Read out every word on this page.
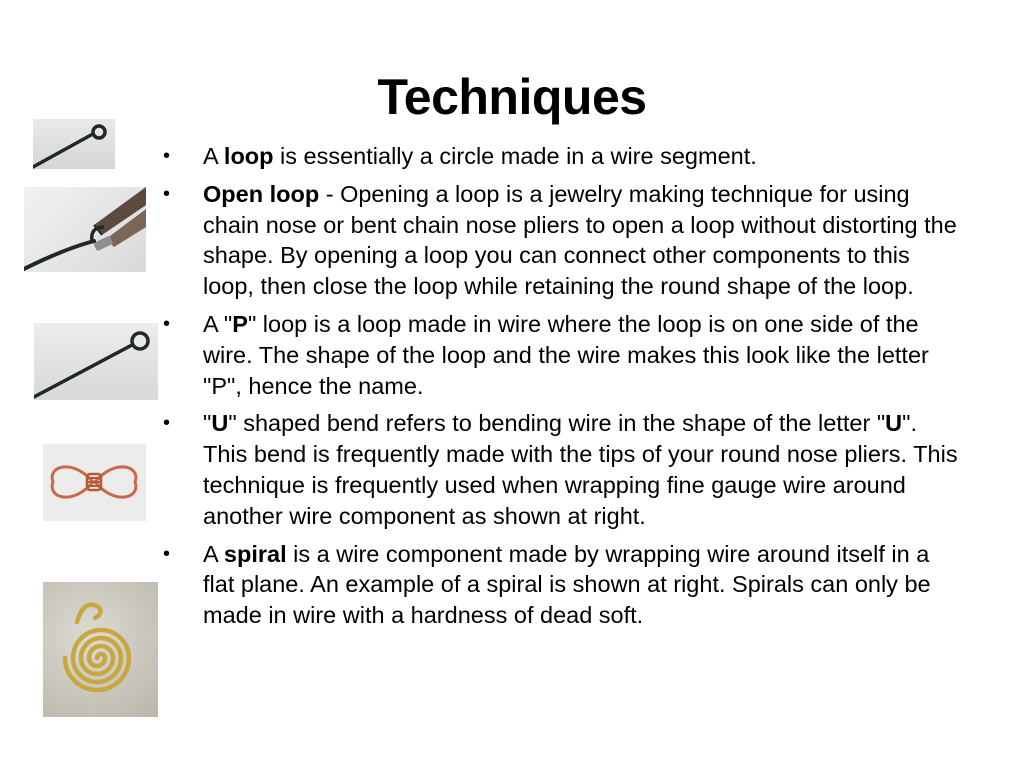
Techniques
• A loop is essentially a circle made in a wire segment.
• Open loop - Opening a loop is a jewelry making technique for using chain nose or bent chain nose pliers to open a loop without distorting the shape. By opening a loop you can connect other components to this loop, then close the loop while retaining the round shape of the loop.
• A "P" loop is a loop made in wire where the loop is on one side of the wire. The shape of the loop and the wire makes this look like the letter "P", hence the name.
• "U" shaped bend refers to bending wire in the shape of the letter "U". This bend is frequently made with the tips of your round nose pliers. This technique is frequently used when wrapping fine gauge wire around another wire component as shown at right.
• A spiral is a wire component made by wrapping wire around itself in a flat plane. An example of a spiral is shown at right. Spirals can only be made in wire with a hardness of dead soft.
